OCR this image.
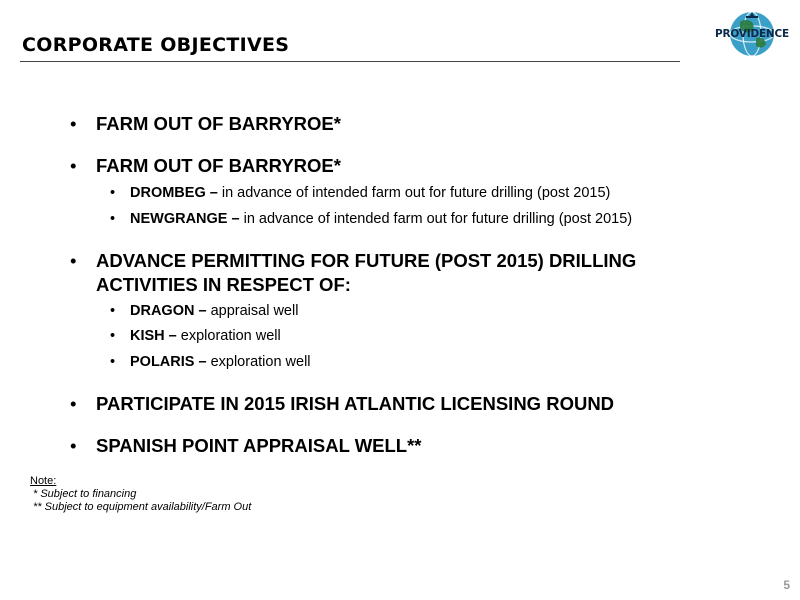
CORPORATE OBJECTIVES	PROVIDENCE
• FARM OUT OF BARRYROE*
• FARM OUT OF BARRYROE*
• DROMBEG – in advance of intended farm out for future drilling (post 2015)
• NEWGRANGE – in advance of intended farm out for future drilling (post 2015)
• ADVANCE PERMITTING FOR FUTURE (POST 2015) DRILLING ACTIVITIES IN RESPECT OF:
• DRAGON – appraisal well
• KISH – exploration well
• POLARIS – exploration well
• PARTICIPATE IN 2015 IRISH ATLANTIC LICENSING ROUND
• SPANISH POINT APPRAISAL WELL**
Note:
* Subject to financing
** Subject to equipment availability/Farm Out
5
